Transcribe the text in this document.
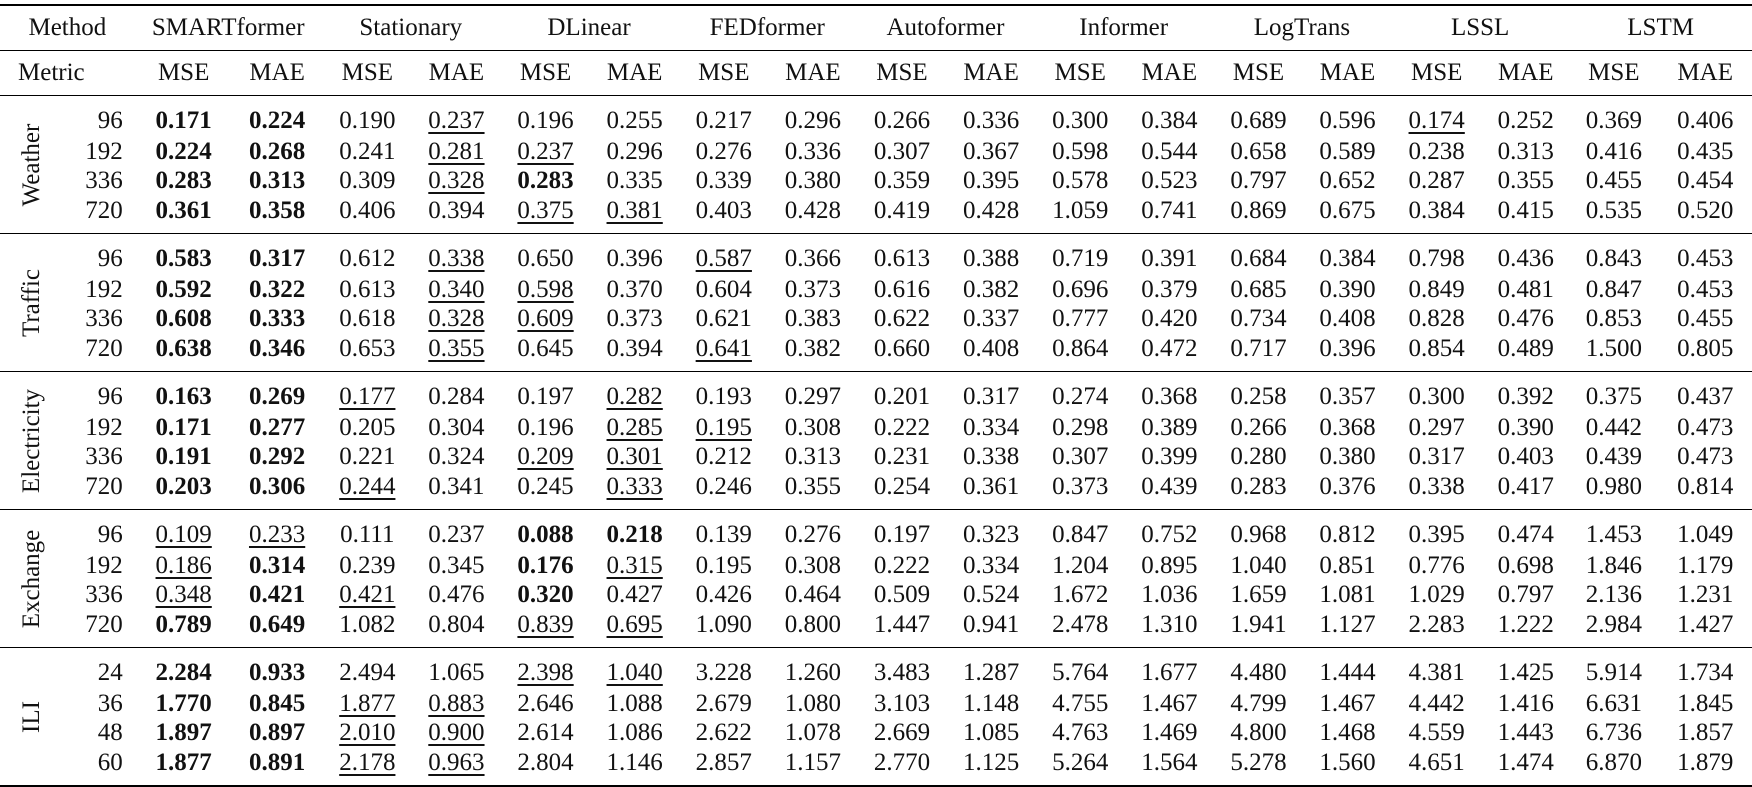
Method		SMARTformer		Stationary		DLinear		FEDformer		Autoformer		Informer		LogTrans		LSSL		LSTM	
Metric		MSE	MAE	MSE	MAE	MSE	MAE	MSE	MAE	MSE	MAE	MSE	MAE	MSE	MAE	MSE	MAE	MSE	MAE

Weather	96	0.171	0.224	0.190	0.237	0.196	0.255	0.217	0.296	0.266	0.336	0.300	0.384	0.689	0.596	0.174	0.252	0.369	0.406
	192	0.224	0.268	0.241	0.281	0.237	0.296	0.276	0.336	0.307	0.367	0.598	0.544	0.658	0.589	0.238	0.313	0.416	0.435
	336	0.283	0.313	0.309	0.328	0.283	0.335	0.339	0.380	0.359	0.395	0.578	0.523	0.797	0.652	0.287	0.355	0.455	0.454
	720	0.361	0.358	0.406	0.394	0.375	0.381	0.403	0.428	0.419	0.428	1.059	0.741	0.869	0.675	0.384	0.415	0.535	0.520

Traffic	96	0.583	0.317	0.612	0.338	0.650	0.396	0.587	0.366	0.613	0.388	0.719	0.391	0.684	0.384	0.798	0.436	0.843	0.453
	192	0.592	0.322	0.613	0.340	0.598	0.370	0.604	0.373	0.616	0.382	0.696	0.379	0.685	0.390	0.849	0.481	0.847	0.453
	336	0.608	0.333	0.618	0.328	0.609	0.373	0.621	0.383	0.622	0.337	0.777	0.420	0.734	0.408	0.828	0.476	0.853	0.455
	720	0.638	0.346	0.653	0.355	0.645	0.394	0.641	0.382	0.660	0.408	0.864	0.472	0.717	0.396	0.854	0.489	1.500	0.805

Electricity	96	0.163	0.269	0.177	0.284	0.197	0.282	0.193	0.297	0.201	0.317	0.274	0.368	0.258	0.357	0.300	0.392	0.375	0.437
	192	0.171	0.277	0.205	0.304	0.196	0.285	0.195	0.308	0.222	0.334	0.298	0.389	0.266	0.368	0.297	0.390	0.442	0.473
	336	0.191	0.292	0.221	0.324	0.209	0.301	0.212	0.313	0.231	0.338	0.307	0.399	0.280	0.380	0.317	0.403	0.439	0.473
	720	0.203	0.306	0.244	0.341	0.245	0.333	0.246	0.355	0.254	0.361	0.373	0.439	0.283	0.376	0.338	0.417	0.980	0.814

Exchange	96	0.109	0.233	0.111	0.237	0.088	0.218	0.139	0.276	0.197	0.323	0.847	0.752	0.968	0.812	0.395	0.474	1.453	1.049
	192	0.186	0.314	0.239	0.345	0.176	0.315	0.195	0.308	0.222	0.334	1.204	0.895	1.040	0.851	0.776	0.698	1.846	1.179
	336	0.348	0.421	0.421	0.476	0.320	0.427	0.426	0.464	0.509	0.524	1.672	1.036	1.659	1.081	1.029	0.797	2.136	1.231
	720	0.789	0.649	1.082	0.804	0.839	0.695	1.090	0.800	1.447	0.941	2.478	1.310	1.941	1.127	2.283	1.222	2.984	1.427

ILI	24	2.284	0.933	2.494	1.065	2.398	1.040	3.228	1.260	3.483	1.287	5.764	1.677	4.480	1.444	4.381	1.425	5.914	1.734
	36	1.770	0.845	1.877	0.883	2.646	1.088	2.679	1.080	3.103	1.148	4.755	1.467	4.799	1.467	4.442	1.416	6.631	1.845
	48	1.897	0.897	2.010	0.900	2.614	1.086	2.622	1.078	2.669	1.085	4.763	1.469	4.800	1.468	4.559	1.443	6.736	1.857
	60	1.877	0.891	2.178	0.963	2.804	1.146	2.857	1.157	2.770	1.125	5.264	1.564	5.278	1.560	4.651	1.474	6.870	1.879
